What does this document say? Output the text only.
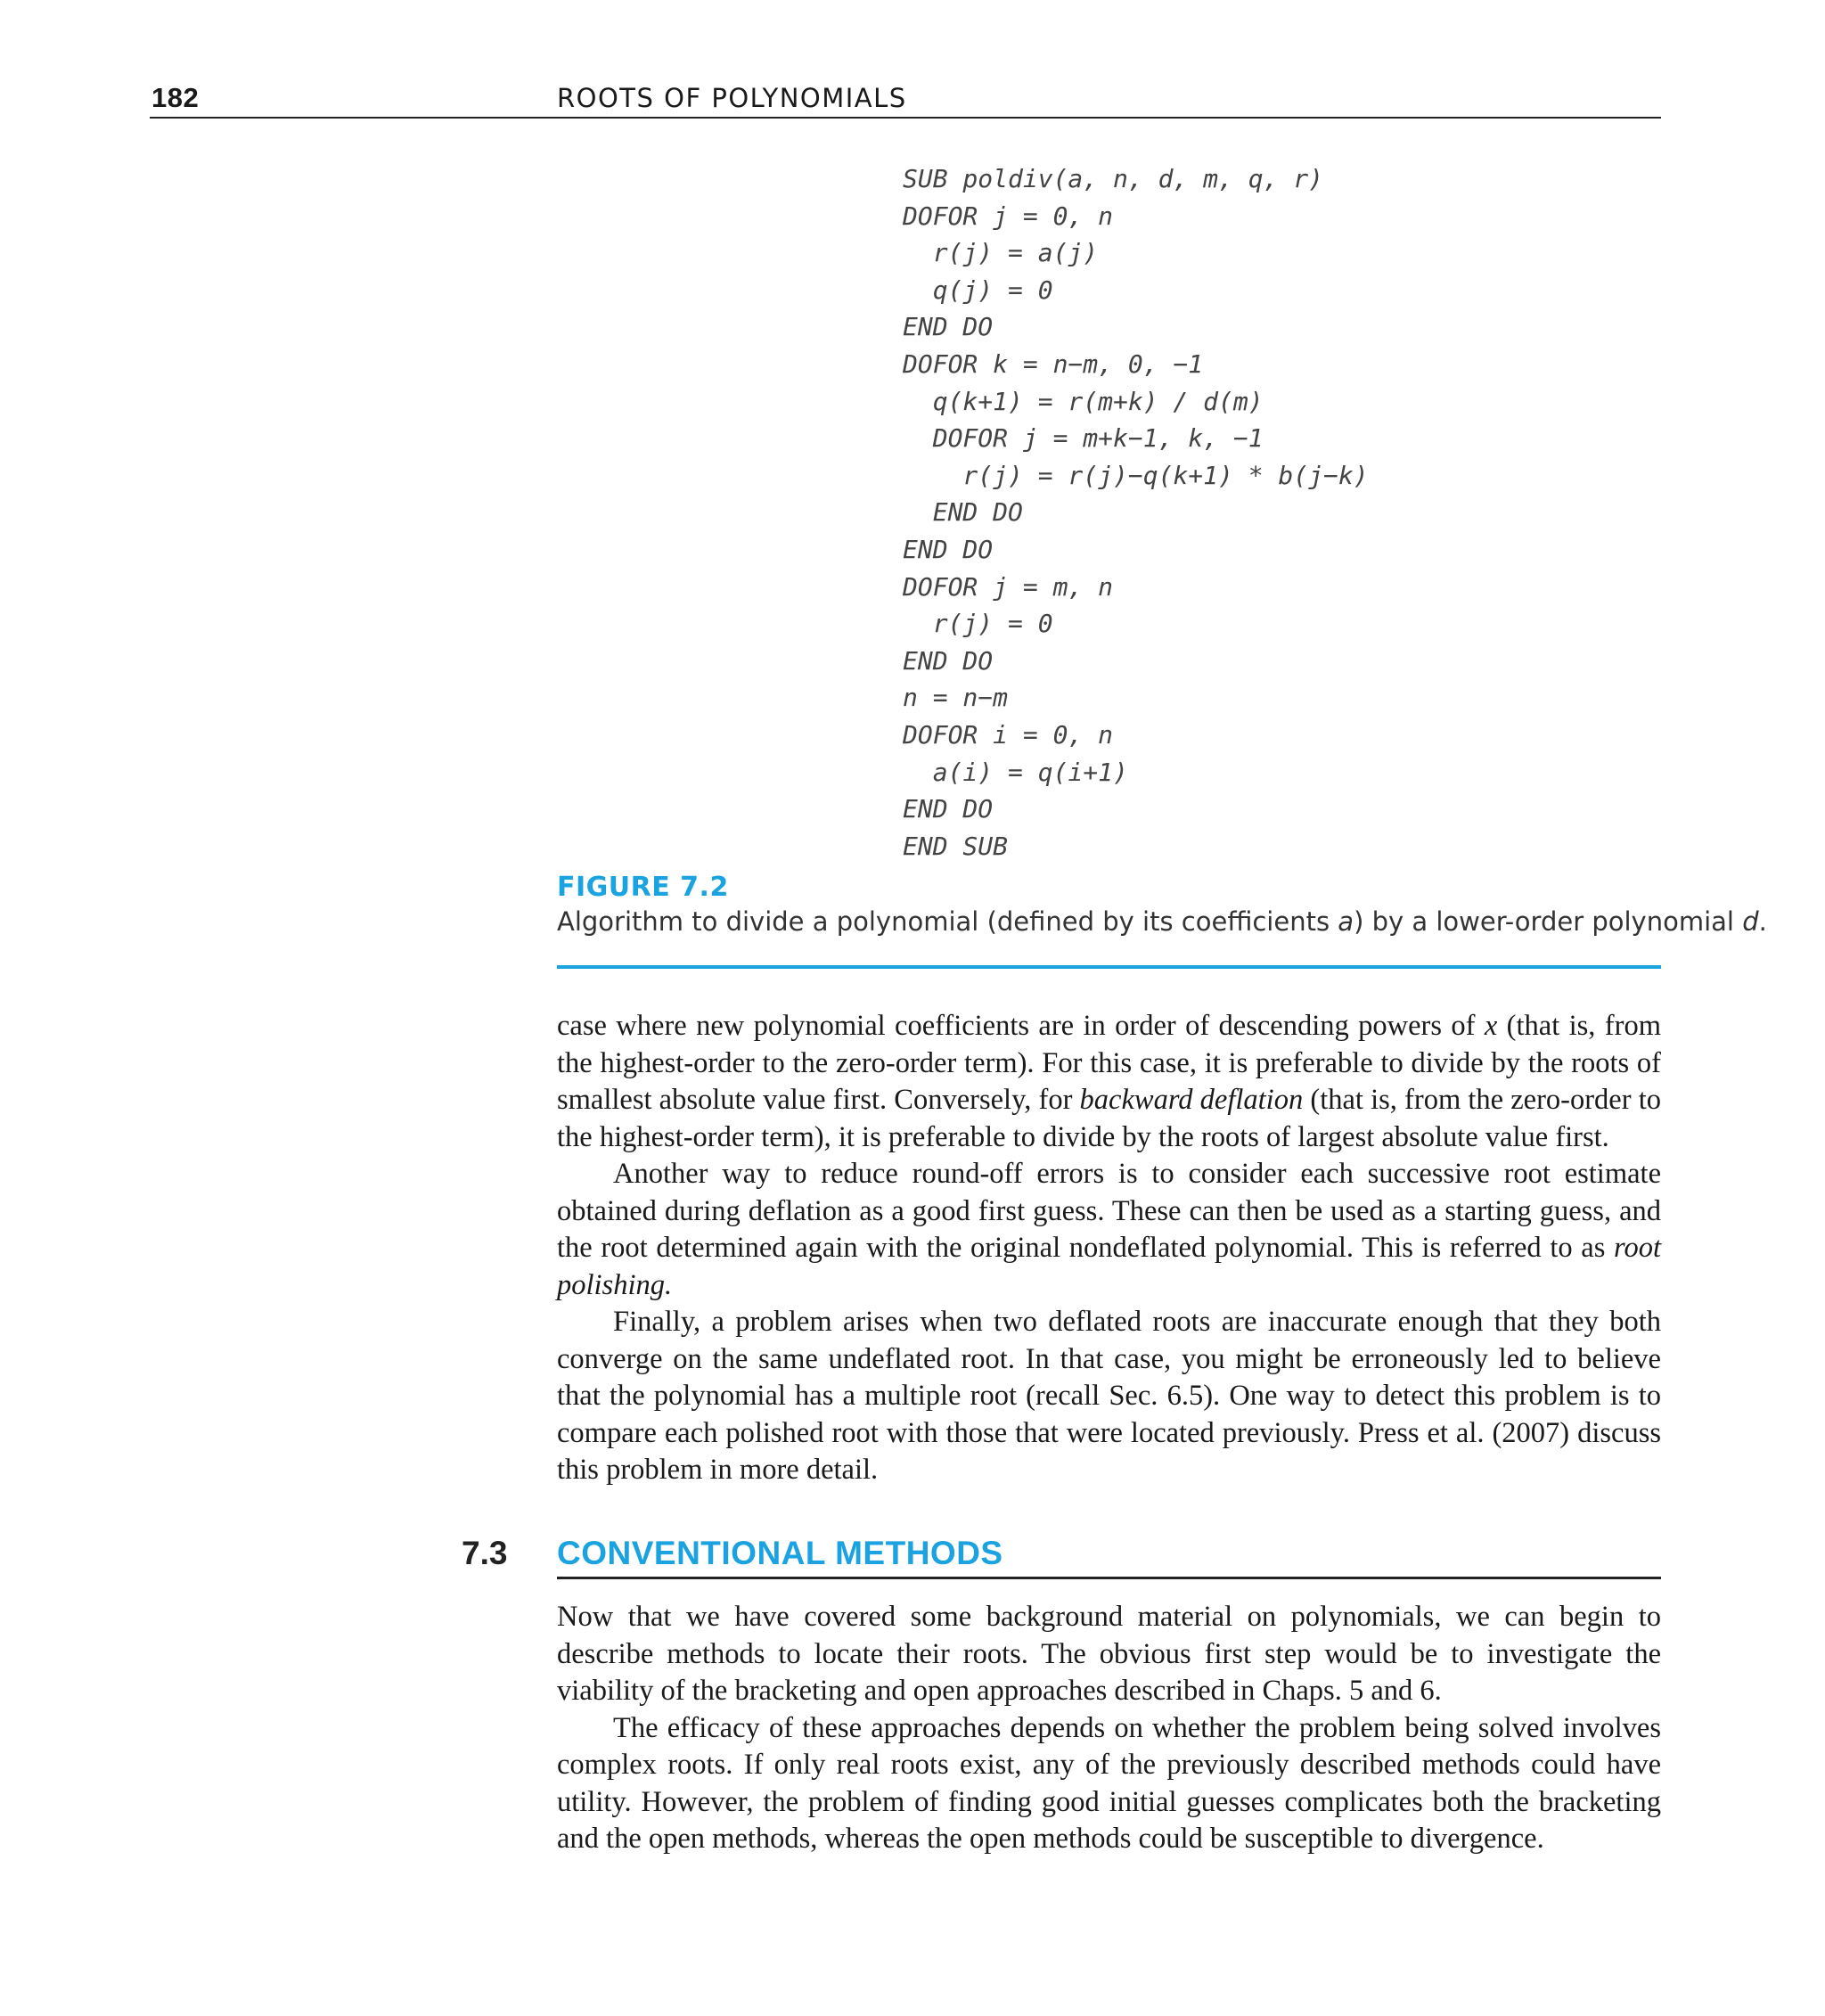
182	ROOTS OF POLYNOMIALS
SUB poldiv(a, n, d, m, q, r)
DOFOR j = 0, n
r(j) = a(j)
q(j) = 0
END DO
DOFOR k = n−m, 0, −1
q(k+1) = r(m+k) / d(m)
DOFOR j = m+k−1, k, −1
r(j) = r(j)−q(k+1) * b(j−k)
END DO
END DO
DOFOR j = m, n
r(j) = 0
END DO
n = n−m
DOFOR i = 0, n
a(i) = q(i+1)
END DO
END SUB
FIGURE 7.2
Algorithm to divide a polynomial (defined by its coefficients a) by a lower-order polynomial d.

case where new polynomial coefficients are in order of descending powers of x (that is, from the highest-order to the zero-order term). For this case, it is preferable to divide by the roots of smallest absolute value first. Conversely, for backward deflation (that is, from the zero-order to the highest-order term), it is preferable to divide by the roots of largest absolute value first.

Another way to reduce round-off errors is to consider each successive root estimate obtained during deflation as a good first guess. These can then be used as a starting guess, and the root determined again with the original nondeflated polynomial. This is referred to as root polishing.

Finally, a problem arises when two deflated roots are inaccurate enough that they both converge on the same undeflated root. In that case, you might be erroneously led to believe that the polynomial has a multiple root (recall Sec. 6.5). One way to detect this problem is to compare each polished root with those that were located previously. Press et al. (2007) discuss this problem in more detail.

7.3 CONVENTIONAL METHODS

Now that we have covered some background material on polynomials, we can begin to describe methods to locate their roots. The obvious first step would be to investigate the viability of the bracketing and open approaches described in Chaps. 5 and 6.

The efficacy of these approaches depends on whether the problem being solved involves complex roots. If only real roots exist, any of the previously described methods could have utility. However, the problem of finding good initial guesses complicates both the bracketing and the open methods, whereas the open methods could be susceptible to divergence.
